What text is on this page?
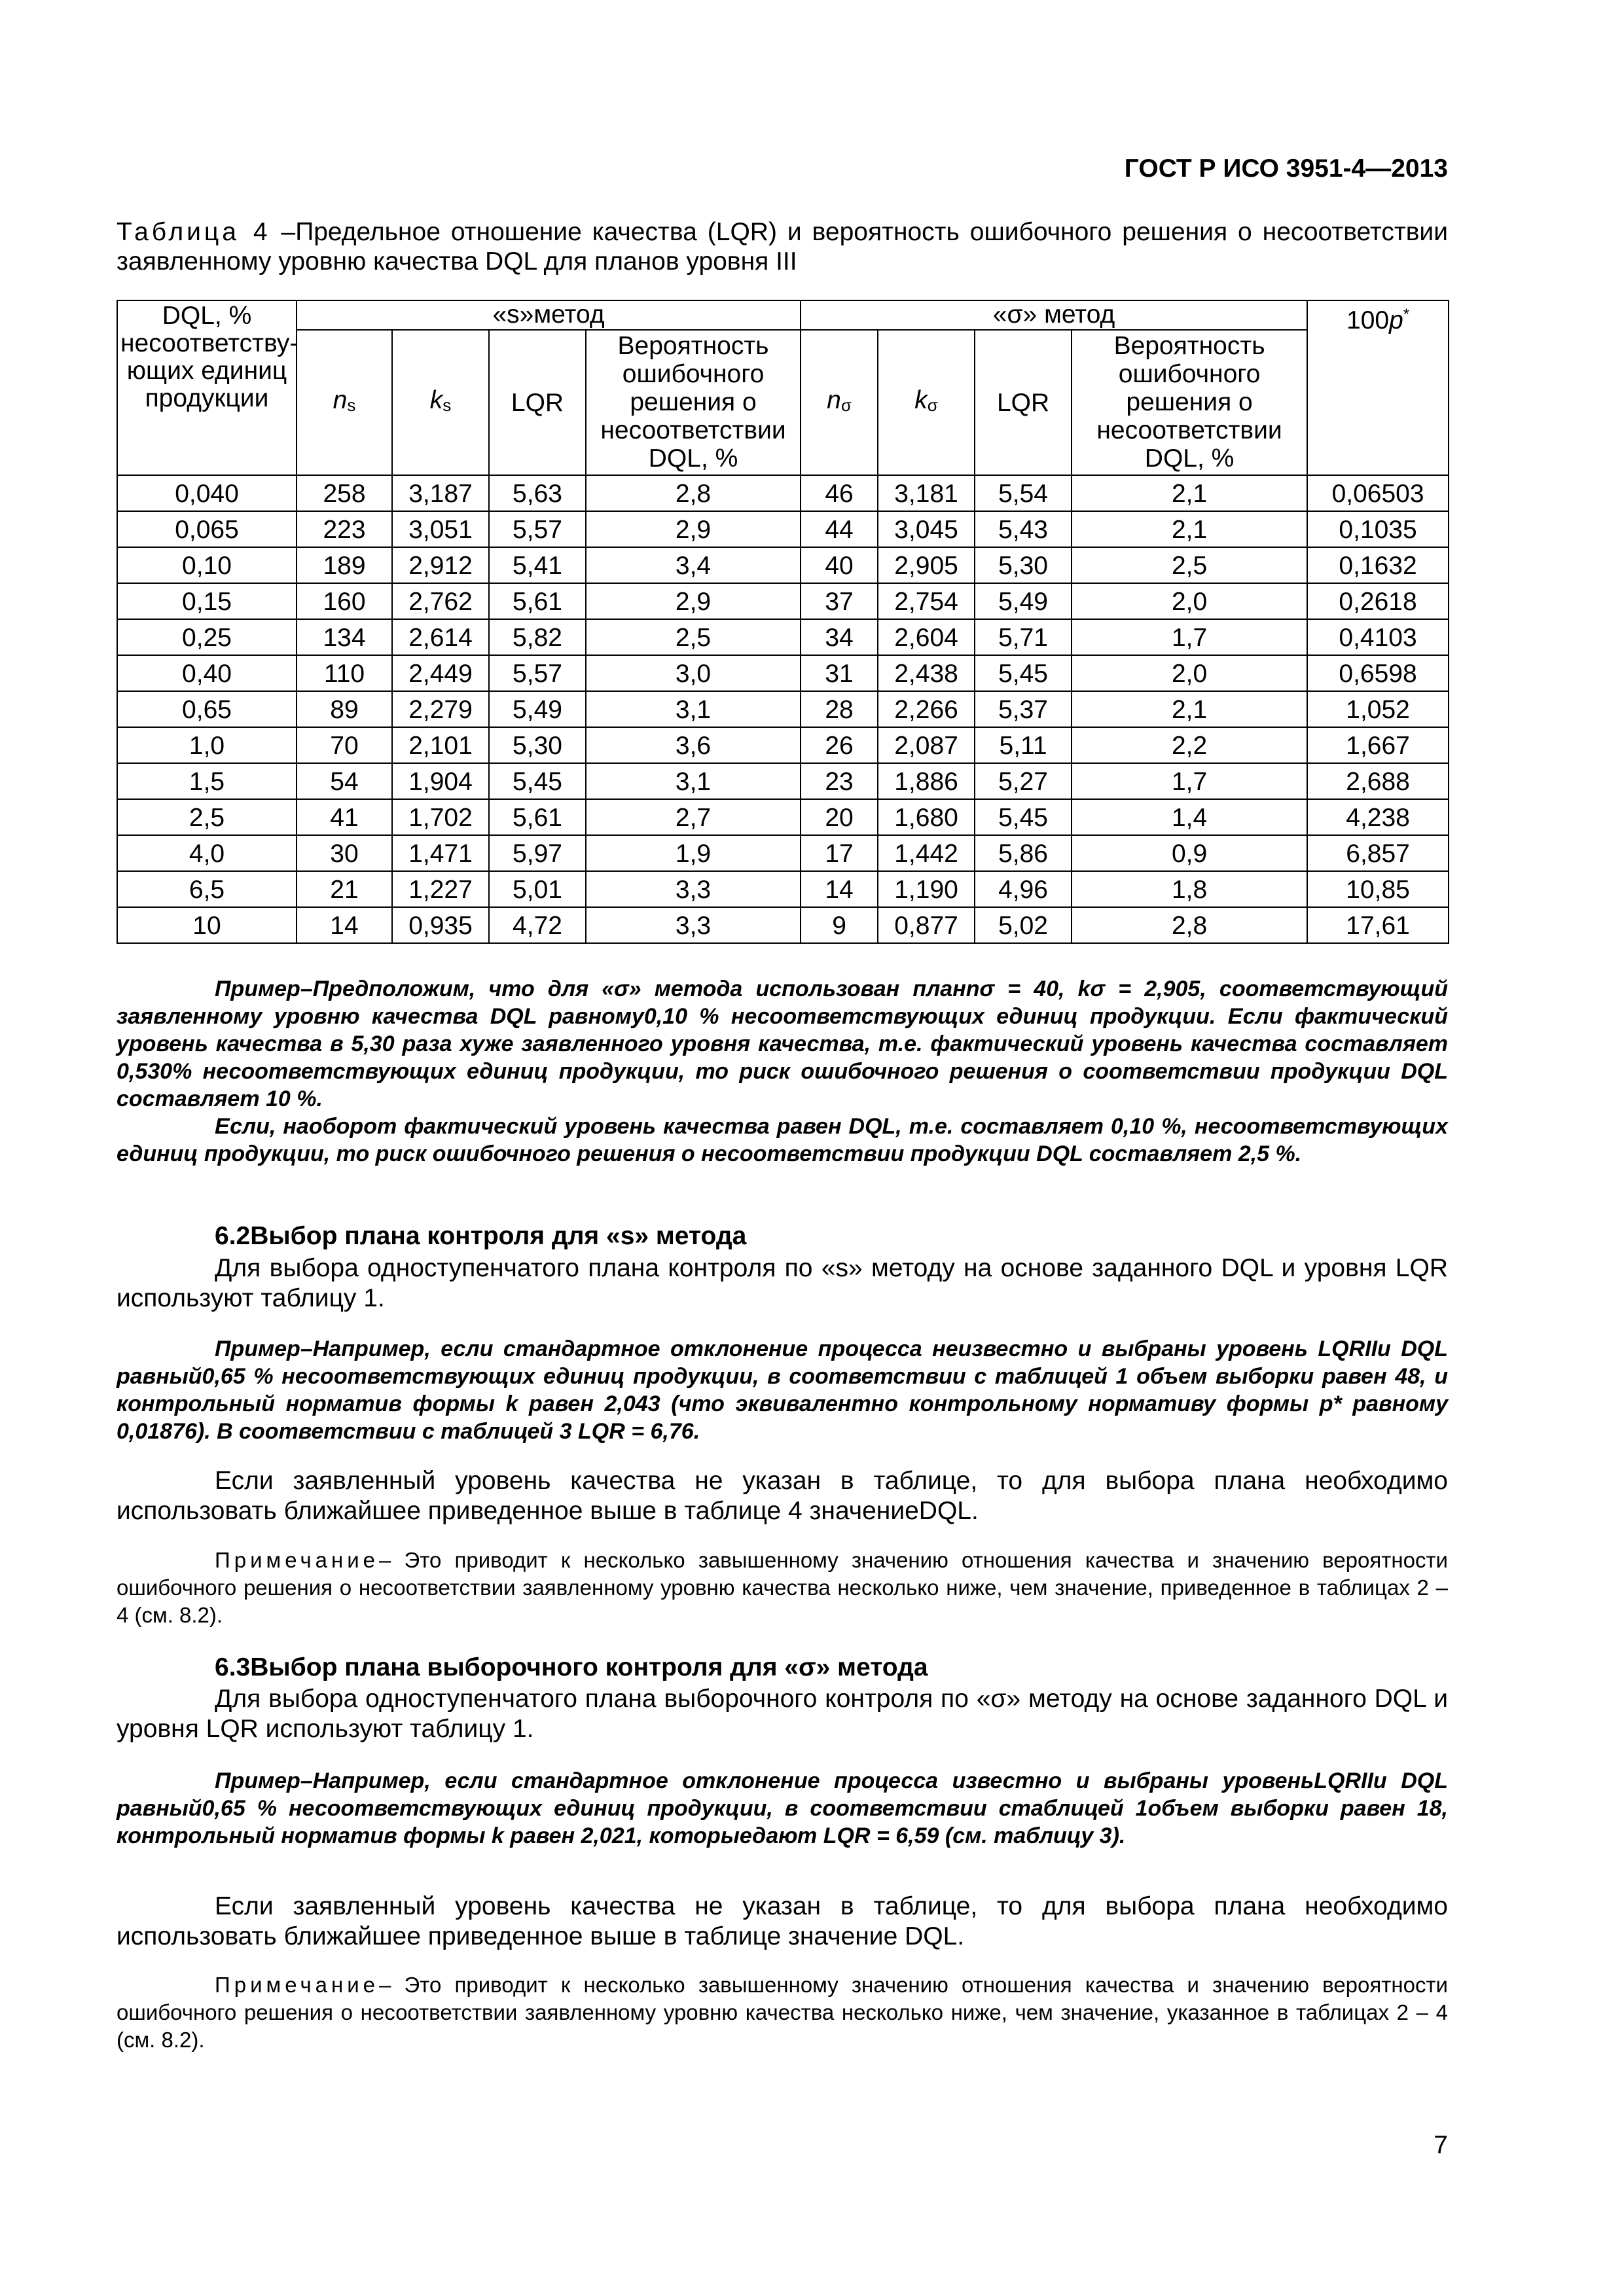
ГОСТ Р ИСО 3951-4—2013
Таблица 4 –Предельное отношение качества (LQR) и вероятность ошибочного решения о несоответствии заявленному уровню качества DQL для планов уровня III
DQL, % несоответству-ющих единиц продукции	«s»метод				«σ» метод				100p*
	ns	ks	LQR	Вероятность ошибочного решения о несоответствии DQL, %	nσ	kσ	LQR	Вероятность ошибочного решения о несоответствии DQL, %	
0,040	258	3,187	5,63	2,8	46	3,181	5,54	2,1	0,06503
0,065	223	3,051	5,57	2,9	44	3,045	5,43	2,1	0,1035
0,10	189	2,912	5,41	3,4	40	2,905	5,30	2,5	0,1632
0,15	160	2,762	5,61	2,9	37	2,754	5,49	2,0	0,2618
0,25	134	2,614	5,82	2,5	34	2,604	5,71	1,7	0,4103
0,40	110	2,449	5,57	3,0	31	2,438	5,45	2,0	0,6598
0,65	89	2,279	5,49	3,1	28	2,266	5,37	2,1	1,052
1,0	70	2,101	5,30	3,6	26	2,087	5,11	2,2	1,667
1,5	54	1,904	5,45	3,1	23	1,886	5,27	1,7	2,688
2,5	41	1,702	5,61	2,7	20	1,680	5,45	1,4	4,238
4,0	30	1,471	5,97	1,9	17	1,442	5,86	0,9	6,857
6,5	21	1,227	5,01	3,3	14	1,190	4,96	1,8	10,85
10	14	0,935	4,72	3,3	9	0,877	5,02	2,8	17,61

Пример–Предположим, что для «σ» метода использован планnσ = 40, kσ = 2,905, соответствующий заявленному уровню качества DQL равному0,10 % несоответствующих единиц продукции. Если фактический уровень качества в 5,30 раза хуже заявленного уровня качества, т.е. фактический уровень качества составляет 0,530% несоответствующих единиц продукции, то риск ошибочного решения о соответствии продукции DQL составляет 10 %.

Если, наоборот фактический уровень качества равен DQL, т.е. составляет 0,10 %, несоответствующих единиц продукции, то риск ошибочного решения о несоответствии продукции DQL составляет 2,5 %.

6.2Выбор плана контроля для «s» метода

Для выбора одноступенчатого плана контроля по «s» методу на основе заданного DQL и уровня LQR используют таблицу 1.

Пример–Например, если стандартное отклонение процесса неизвестно и выбраны уровень LQRIIи DQL равный0,65 % несоответствующих единиц продукции, в соответствии с таблицей 1 объем выборки равен 48, и контрольный норматив формы k равен 2,043 (что эквивалентно контрольному нормативу формы p* равному 0,01876). В соответствии с таблицей 3 LQR = 6,76.

Если заявленный уровень качества не указан в таблице, то для выбора плана необходимо использовать ближайшее приведенное выше в таблице 4 значениеDQL.

Примечание– Это приводит к несколько завышенному значению отношения качества и значению вероятности ошибочного решения о несоответствии заявленному уровню качества несколько ниже, чем значение, приведенное в таблицах 2 – 4 (см. 8.2).

6.3Выбор плана выборочного контроля для «σ» метода

Для выбора одноступенчатого плана выборочного контроля по «σ» методу на основе заданного DQL и уровня LQR используют таблицу 1.

Пример–Например, если стандартное отклонение процесса известно и выбраны уровеньLQRIIи DQL равный0,65 % несоответствующих единиц продукции, в соответствии стаблицей 1объем выборки равен 18, контрольный норматив формы k равен 2,021, которыедают LQR = 6,59 (см. таблицу 3).

Если заявленный уровень качества не указан в таблице, то для выбора плана необходимо использовать ближайшее приведенное выше в таблице значение DQL.

Примечание– Это приводит к несколько завышенному значению отношения качества и значению вероятности ошибочного решения о несоответствии заявленному уровню качества несколько ниже, чем значение, указанное в таблицах 2 – 4 (см. 8.2).

7
